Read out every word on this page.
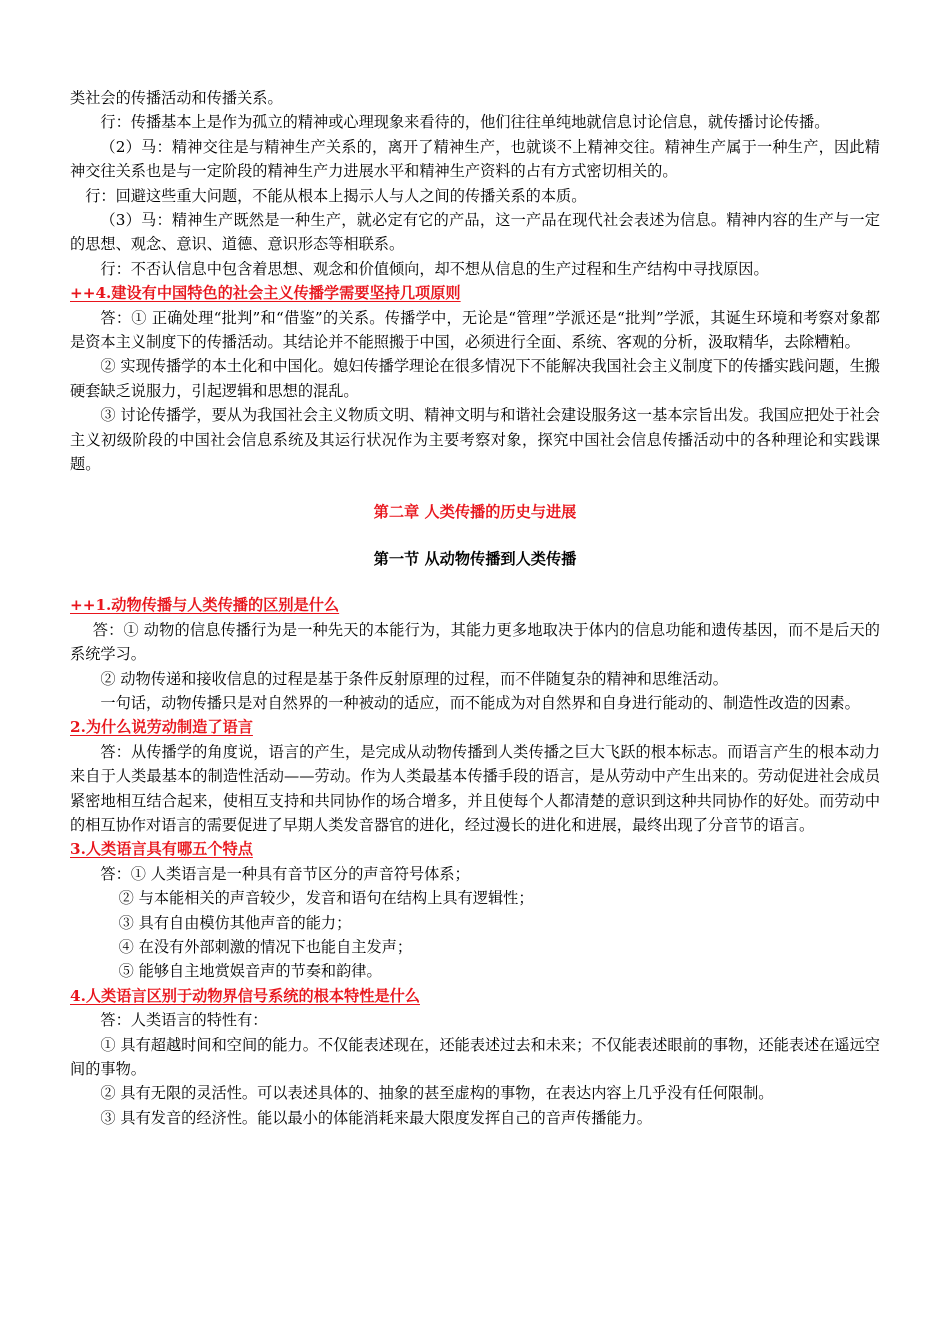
类社会的传播活动和传播关系。

行：传播基本上是作为孤立的精神或心理现象来看待的，他们往往单纯地就信息讨论信息，就传播讨论传播。

（2）马：精神交往是与精神生产关系的，离开了精神生产，也就谈不上精神交往。精神生产属于一种生产，因此精神交往关系也是与一定阶段的精神生产力进展水平和精神生产资料的占有方式密切相关的。

行：回避这些重大问题，不能从根本上揭示人与人之间的传播关系的本质。

（3）马：精神生产既然是一种生产，就必定有它的产品，这一产品在现代社会表述为信息。精神内容的生产与一定的思想、观念、意识、道德、意识形态等相联系。

行：不否认信息中包含着思想、观念和价值倾向，却不想从信息的生产过程和生产结构中寻找原因。

++4.建设有中国特色的社会主义传播学需要坚持几项原则

答：① 正确处理“批判”和“借鉴”的关系。传播学中，无论是“管理”学派还是“批判”学派，其诞生环境和考察对象都是资本主义制度下的传播活动。其结论并不能照搬于中国，必须进行全面、系统、客观的分析，汲取精华，去除糟粕。

② 实现传播学的本土化和中国化。媳妇传播学理论在很多情况下不能解决我国社会主义制度下的传播实践问题，生搬硬套缺乏说服力，引起逻辑和思想的混乱。

③ 讨论传播学，要从为我国社会主义物质文明、精神文明与和谐社会建设服务这一基本宗旨出发。我国应把处于社会主义初级阶段的中国社会信息系统及其运行状况作为主要考察对象，探究中国社会信息传播活动中的各种理论和实践课题。

第二章 人类传播的历史与进展

第一节 从动物传播到人类传播

++1.动物传播与人类传播的区别是什么

答：① 动物的信息传播行为是一种先天的本能行为，其能力更多地取决于体内的信息功能和遗传基因，而不是后天的系统学习。

② 动物传递和接收信息的过程是基于条件反射原理的过程，而不伴随复杂的精神和思维活动。

一句话，动物传播只是对自然界的一种被动的适应，而不能成为对自然界和自身进行能动的、制造性改造的因素。

2.为什么说劳动制造了语言

答：从传播学的角度说，语言的产生，是完成从动物传播到人类传播之巨大飞跃的根本标志。而语言产生的根本动力来自于人类最基本的制造性活动——劳动。作为人类最基本传播手段的语言，是从劳动中产生出来的。劳动促进社会成员紧密地相互结合起来，使相互支持和共同协作的场合增多，并且使每个人都清楚的意识到这种共同协作的好处。而劳动中的相互协作对语言的需要促进了早期人类发音器官的进化，经过漫长的进化和进展，最终出现了分音节的语言。

3.人类语言具有哪五个特点

答：① 人类语言是一种具有音节区分的声音符号体系；

② 与本能相关的声音较少，发音和语句在结构上具有逻辑性；

③ 具有自由模仿其他声音的能力；

④ 在没有外部刺激的情况下也能自主发声；

⑤ 能够自主地赏娱音声的节奏和韵律。

4.人类语言区别于动物界信号系统的根本特性是什么

答：人类语言的特性有：

① 具有超越时间和空间的能力。不仅能表述现在，还能表述过去和未来；不仅能表述眼前的事物，还能表述在遥远空间的事物。

② 具有无限的灵活性。可以表述具体的、抽象的甚至虚构的事物，在表达内容上几乎没有任何限制。

③ 具有发音的经济性。能以最小的体能消耗来最大限度发挥自己的音声传播能力。
